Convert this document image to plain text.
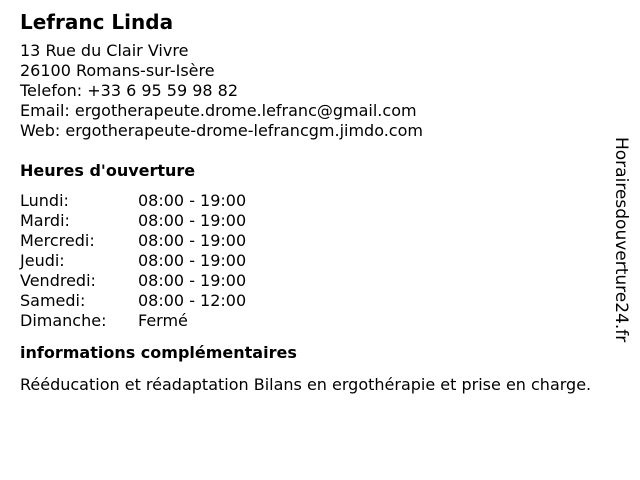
Lefranc Linda
13 Rue du Clair Vivre
26100 Romans-sur-Isère
Telefon: +33 6 95 59 98 82
Email: ergotherapeute.drome.lefranc@gmail.com
Web: ergotherapeute-drome-lefrancgm.jimdo.com
Heures d'ouverture
Lundi:	08:00 - 19:00
Mardi:	08:00 - 19:00
Mercredi:	08:00 - 19:00
Jeudi:	08:00 - 19:00
Vendredi:	08:00 - 19:00
Samedi:	08:00 - 12:00
Dimanche:	Fermé
informations complémentaires
Rééducation et réadaptation Bilans en ergothérapie et prise en charge.
Horairesdouverture24.fr
